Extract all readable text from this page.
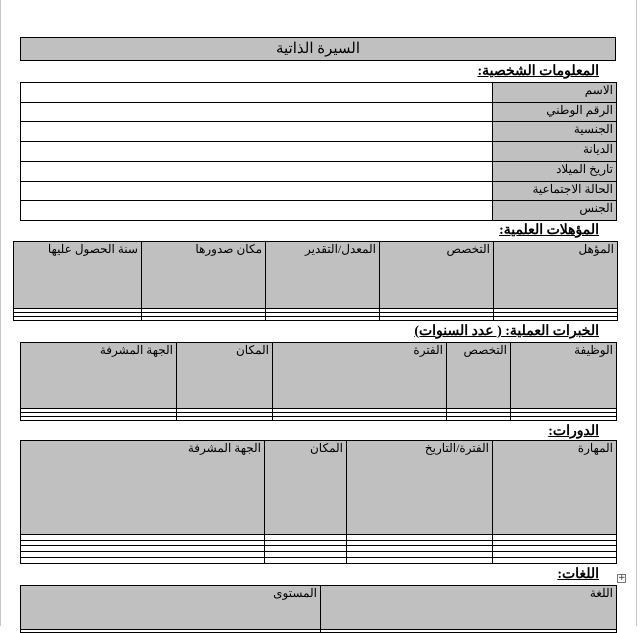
السيرة الذاتية
المعلومات الشخصية:
الاسم	
الرقم الوطني	
الجنسية	
الديانة	
تاريخ الميلاد	
الحالة الاجتماعية	
الجنس	
المؤهلات العلمية:
المؤهل	التخصص	المعدل/التقدير	مكان صدورها	سنة الحصول عليها

الخبرات العملية: ( عدد السنوات)
الوظيفة	التخصص	الفترة	المكان	الجهة المشرفة

الدورات:
المهارة	الفترة/التاريخ	المكان	الجهة المشرفة

اللغات: +
اللغة	المستوى
